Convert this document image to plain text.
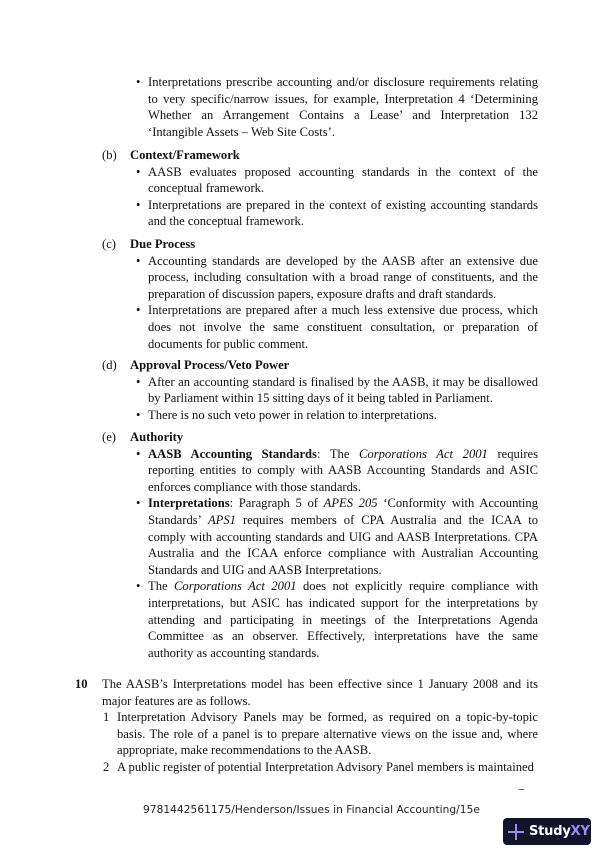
• Interpretations prescribe accounting and/or disclosure requirements relating to very specific/narrow issues, for example, Interpretation 4 ‘Determining Whether an Arrangement Contains a Lease’ and Interpretation 132 ‘Intangible Assets – Web Site Costs’.
(b) Context/Framework
• AASB evaluates proposed accounting standards in the context of the conceptual framework.
• Interpretations are prepared in the context of existing accounting standards and the conceptual framework.
(c) Due Process
• Accounting standards are developed by the AASB after an extensive due process, including consultation with a broad range of constituents, and the preparation of discussion papers, exposure drafts and draft standards.
• Interpretations are prepared after a much less extensive due process, which does not involve the same constituent consultation, or preparation of documents for public comment.
(d) Approval Process/Veto Power
• After an accounting standard is finalised by the AASB, it may be disallowed by Parliament within 15 sitting days of it being tabled in Parliament.
• There is no such veto power in relation to interpretations.
(e) Authority
• AASB Accounting Standards: The Corporations Act 2001 requires reporting entities to comply with AASB Accounting Standards and ASIC enforces compliance with those standards.
• Interpretations: Paragraph 5 of APES 205 ‘Conformity with Accounting Standards’ APS1 requires members of CPA Australia and the ICAA to comply with accounting standards and UIG and AASB Interpretations. CPA Australia and the ICAA enforce compliance with Australian Accounting Standards and UIG and AASB Interpretations.
• The Corporations Act 2001 does not explicitly require compliance with interpretations, but ASIC has indicated support for the interpretations by attending and participating in meetings of the Interpretations Agenda Committee as an observer. Effectively, interpretations have the same authority as accounting standards.
10 The AASB’s Interpretations model has been effective since 1 January 2008 and its major features are as follows.
1 Interpretation Advisory Panels may be formed, as required on a topic-by-topic basis. The role of a panel is to prepare alternative views on the issue and, where appropriate, make recommendations to the AASB.
2 A public register of potential Interpretation Advisory Panel members is maintained
9781442561175/Henderson/Issues in Financial Accounting/15e
StudyXY
